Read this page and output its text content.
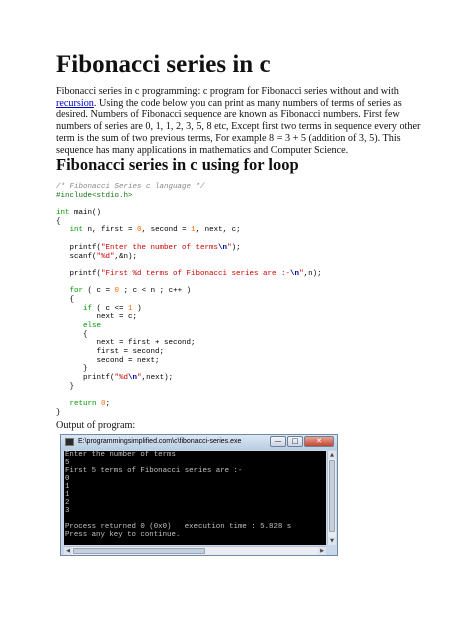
Fibonacci series in c

Fibonacci series in c programming: c program for Fibonacci series without and with recursion. Using the code below you can print as many numbers of terms of series as desired. Numbers of Fibonacci sequence are known as Fibonacci numbers. First few numbers of series are 0, 1, 1, 2, 3, 5, 8 etc, Except first two terms in sequence every other term is the sum of two previous terms, For example 8 = 3 + 5 (addition of 3, 5). This sequence has many applications in mathematics and Computer Science.

Fibonacci series in c using for loop
/* Fibonacci Series c language */
#include<stdio.h>
int main()
{
int n, first = 0, second = 1, next, c;
printf("Enter the number of terms\n");
scanf("%d",&n);
printf("First %d terms of Fibonacci series are :-\n",n);
for ( c = 0 ; c < n ; c++ )
{
if ( c <= 1 )
next = c;
else
{
next = first + second;
first = second;
second = next;
}
printf("%d\n",next);
}
return 0;
}

Output of program:

E:\programmingsimplified.com\c\fibonacci-series.exe	—	□	✕
Enter the number of terms
5
First 5 terms of Fibonacci series are :-
0
1
1
2
3
Process returned 0 (0x0)   execution time : 5.828 s
Press any key to continue.
▲
▼
◀	▶
